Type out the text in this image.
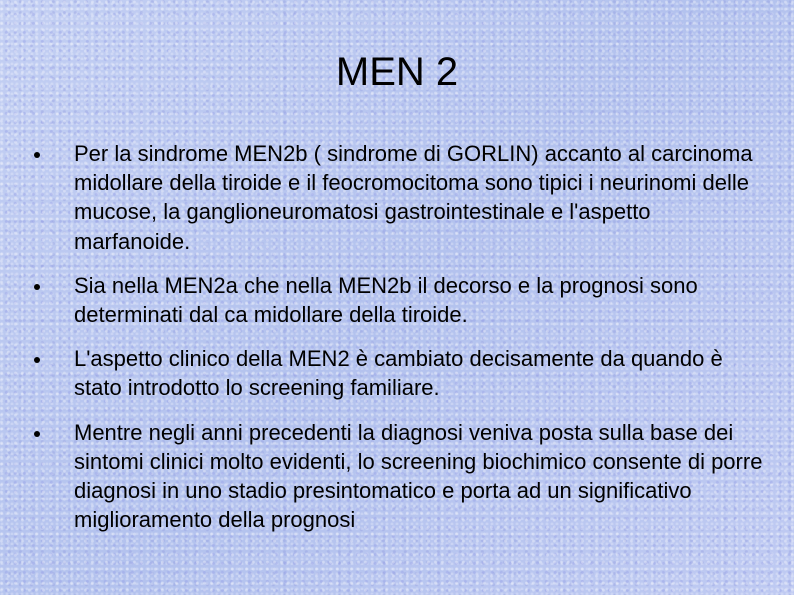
MEN 2
Per la sindrome MEN2b ( sindrome di GORLIN) accanto al carcinoma midollare della tiroide e il feocromocitoma sono tipici i neurinomi delle mucose, la ganglioneuromatosi gastrointestinale e l'aspetto marfanoide.
Sia nella MEN2a che nella MEN2b il decorso e la prognosi sono determinati dal ca midollare della tiroide.
L'aspetto clinico della MEN2 è cambiato decisamente da quando è stato introdotto lo screening familiare.
Mentre negli anni precedenti la diagnosi veniva posta sulla base dei sintomi clinici molto evidenti, lo screening biochimico consente di porre diagnosi in uno stadio presintomatico e porta ad un significativo miglioramento della prognosi
